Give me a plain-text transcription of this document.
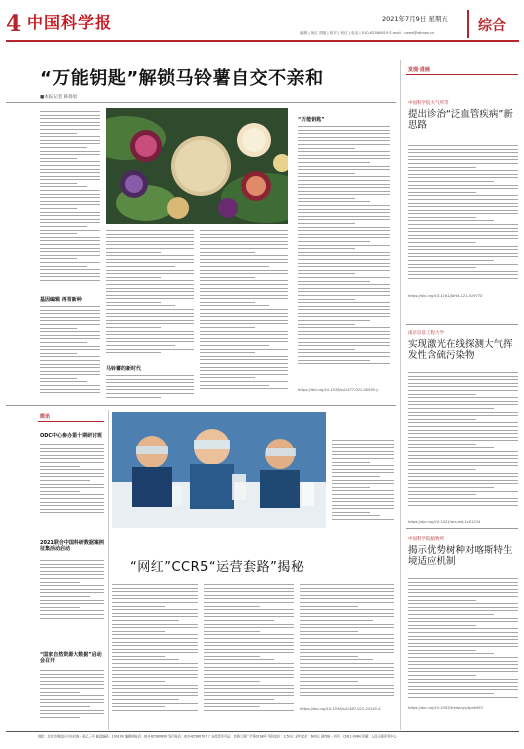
4 中国科学报	2021年7月9日 星期五
编辑 | 何红 胡瑞 | 校对 | 何红 | 电话 | 010-62580619 E-mail：news@stimes.cn	综合
“万能钥匙”解锁马铃薯自交不亲和
■本报记者 韩扬眉
“万能钥匙”
基因编辑 再育新种
马铃薯的新时代
https://doi.org/10.1038/s41477-021-00930-y
发现·进展
中国科学院大气所等
提出诊治“泛血管疾病”新思路
https://doi.org/10.1161/JAHA.121.019770
南京信息工程大学
实现激光在线探测大气挥发性含硫污染物
https://doi.org/10.1021/acs.est.1c01234
中国科学院植物所
揭示优势树种对喀斯特生境适应机制
https://doi.org/10.1093/treephys/tpab093
简讯
ODC中心参办第十期研讨班
2021联合中国科研数据案例征集活动启动
“国家自然资源大数据”启动会召开
“网红”CCR5“运营套路”揭秘
https://doi.org/10.1038/s41467-021-24145-4
地址：北京市海淀区中关村南一条乙三号 邮政编码：100190 编辑部电话：010-62580699 发行电话：010-62580707 广告经营许可证：京海工商广字第0198号 每份定价：2.50元 全年定价：600元 国内统一刊号：CN11-0084 印刷：人民日报印务中心
